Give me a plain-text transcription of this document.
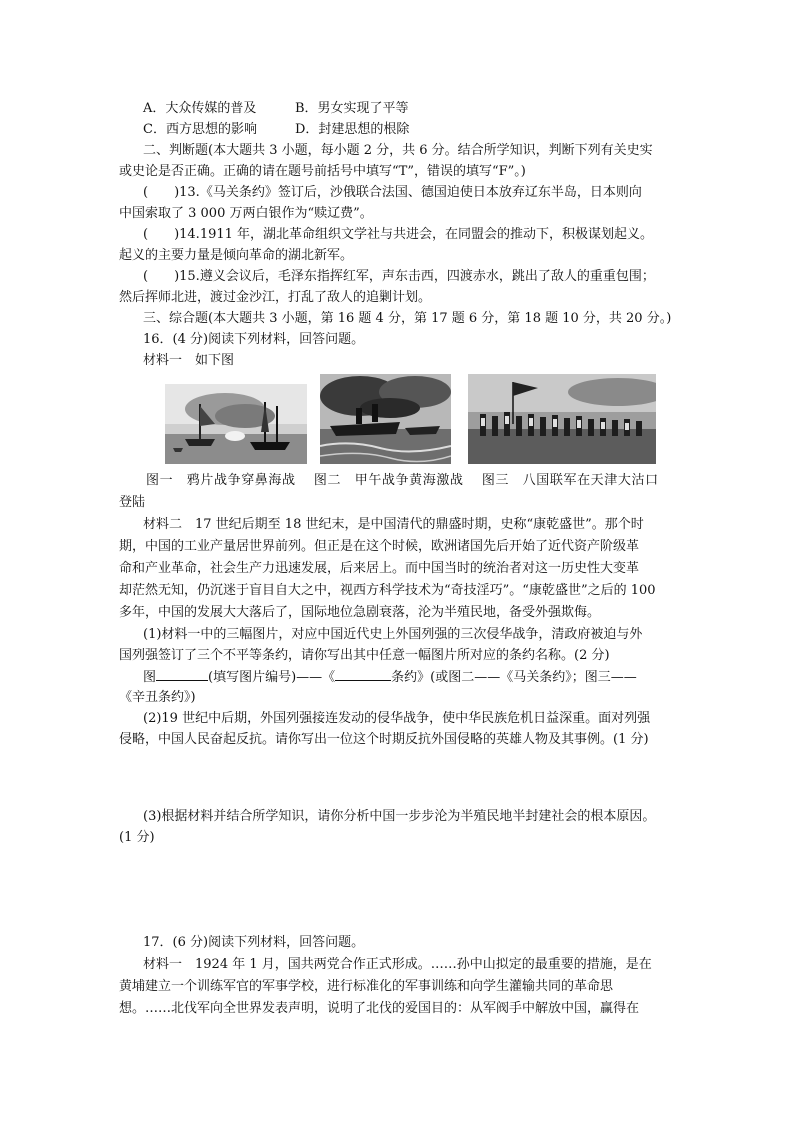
A．大众传媒的普及	B．男女实现了平等
C．西方思想的影响	D．封建思想的根除
二、判断题(本大题共 3 小题，每小题 2 分，共 6 分。结合所学知识，判断下列有关史实
或史论是否正确。正确的请在题号前括号中填写“T”，错误的填写“F”。)
(　　)13.《马关条约》签订后，沙俄联合法国、德国迫使日本放弃辽东半岛，日本则向
中国索取了 3 000 万两白银作为“赎辽费”。
(　　)14.1911 年，湖北革命组织文学社与共进会，在同盟会的推动下，积极谋划起义。
起义的主要力量是倾向革命的湖北新军。
(　　)15.遵义会议后，毛泽东指挥红军，声东击西，四渡赤水，跳出了敌人的重重包围；
然后挥师北进，渡过金沙江，打乱了敌人的追剿计划。
三、综合题(本大题共 3 小题，第 16 题 4 分，第 17 题 6 分，第 18 题 10 分，共 20 分。)
16．(4 分)阅读下列材料，回答问题。
材料一　如下图
图一　鸦片战争穿鼻海战　 图二　甲午战争黄海激战　 图三　八国联军在天津大沽口
登陆
材料二　17 世纪后期至 18 世纪末，是中国清代的鼎盛时期，史称“康乾盛世”。那个时
期，中国的工业产量居世界前列。但正是在这个时候，欧洲诸国先后开始了近代资产阶级革
命和产业革命，社会生产力迅速发展，后来居上。而中国当时的统治者对这一历史性大变革
却茫然无知，仍沉迷于盲目自大之中，视西方科学技术为“奇技淫巧”。“康乾盛世”之后的 100
多年，中国的发展大大落后了，国际地位急剧衰落，沦为半殖民地，备受外强欺侮。
(1)材料一中的三幅图片，对应中国近代史上外国列强的三次侵华战争，清政府被迫与外
国列强签订了三个不平等条约，请你写出其中任意一幅图片所对应的条约名称。(2 分)
图	(填写图片编号)——《	条约》(或图二——《马关条约》；图三——
《辛丑条约》)
(2)19 世纪中后期，外国列强接连发动的侵华战争，使中华民族危机日益深重。面对列强
侵略，中国人民奋起反抗。请你写出一位这个时期反抗外国侵略的英雄人物及其事例。(1 分)
(3)根据材料并结合所学知识，请你分析中国一步步沦为半殖民地半封建社会的根本原因。
(1 分)
17．(6 分)阅读下列材料，回答问题。
材料一　1924 年 1 月，国共两党合作正式形成。……孙中山拟定的最重要的措施，是在
黄埔建立一个训练军官的军事学校，进行标准化的军事训练和向学生灌输共同的革命思
想。……北伐军向全世界发表声明，说明了北伐的爱国目的：从军阀手中解放中国，赢得在
